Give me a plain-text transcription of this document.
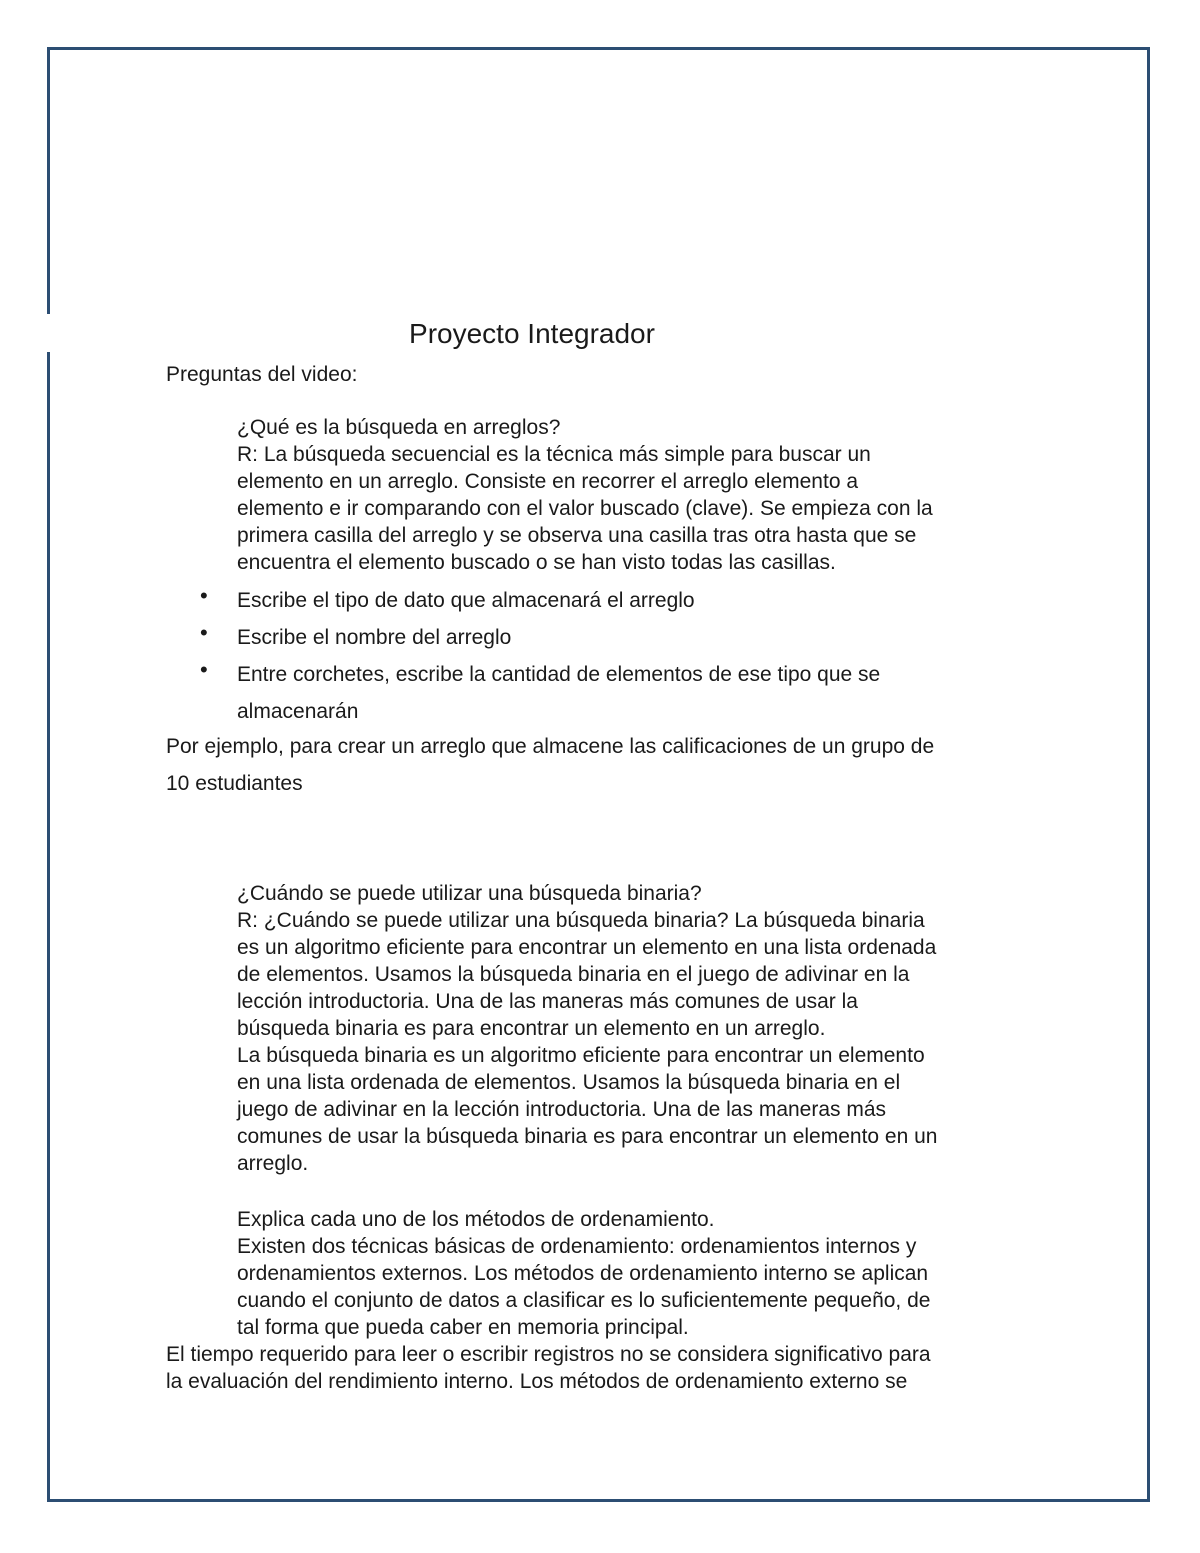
Proyecto Integrador

Preguntas del video:

¿Qué es la búsqueda en arreglos?

R: La búsqueda secuencial es la técnica más simple para buscar un

elemento en un arreglo. Consiste en recorrer el arreglo elemento a

elemento e ir comparando con el valor buscado (clave). Se empieza con la

primera casilla del arreglo y se observa una casilla tras otra hasta que se

encuentra el elemento buscado o se han visto todas las casillas.

• Escribe el tipo de dato que almacenará el arreglo
• Escribe el nombre del arreglo
• Entre corchetes, escribe la cantidad de elementos de ese tipo que se
almacenarán

Por ejemplo, para crear un arreglo que almacene las calificaciones de un grupo de

10 estudiantes

¿Cuándo se puede utilizar una búsqueda binaria?

R: ¿Cuándo se puede utilizar una búsqueda binaria? La búsqueda binaria

es un algoritmo eficiente para encontrar un elemento en una lista ordenada

de elementos. Usamos la búsqueda binaria en el juego de adivinar en la

lección introductoria. Una de las maneras más comunes de usar la

búsqueda binaria es para encontrar un elemento en un arreglo.

La búsqueda binaria es un algoritmo eficiente para encontrar un elemento

en una lista ordenada de elementos. Usamos la búsqueda binaria en el

juego de adivinar en la lección introductoria. Una de las maneras más

comunes de usar la búsqueda binaria es para encontrar un elemento en un

arreglo.

Explica cada uno de los métodos de ordenamiento.

Existen dos técnicas básicas de ordenamiento: ordenamientos internos y

ordenamientos externos. Los métodos de ordenamiento interno se aplican

cuando el conjunto de datos a clasificar es lo suficientemente pequeño, de

tal forma que pueda caber en memoria principal.

El tiempo requerido para leer o escribir registros no se considera significativo para

la evaluación del rendimiento interno. Los métodos de ordenamiento externo se
